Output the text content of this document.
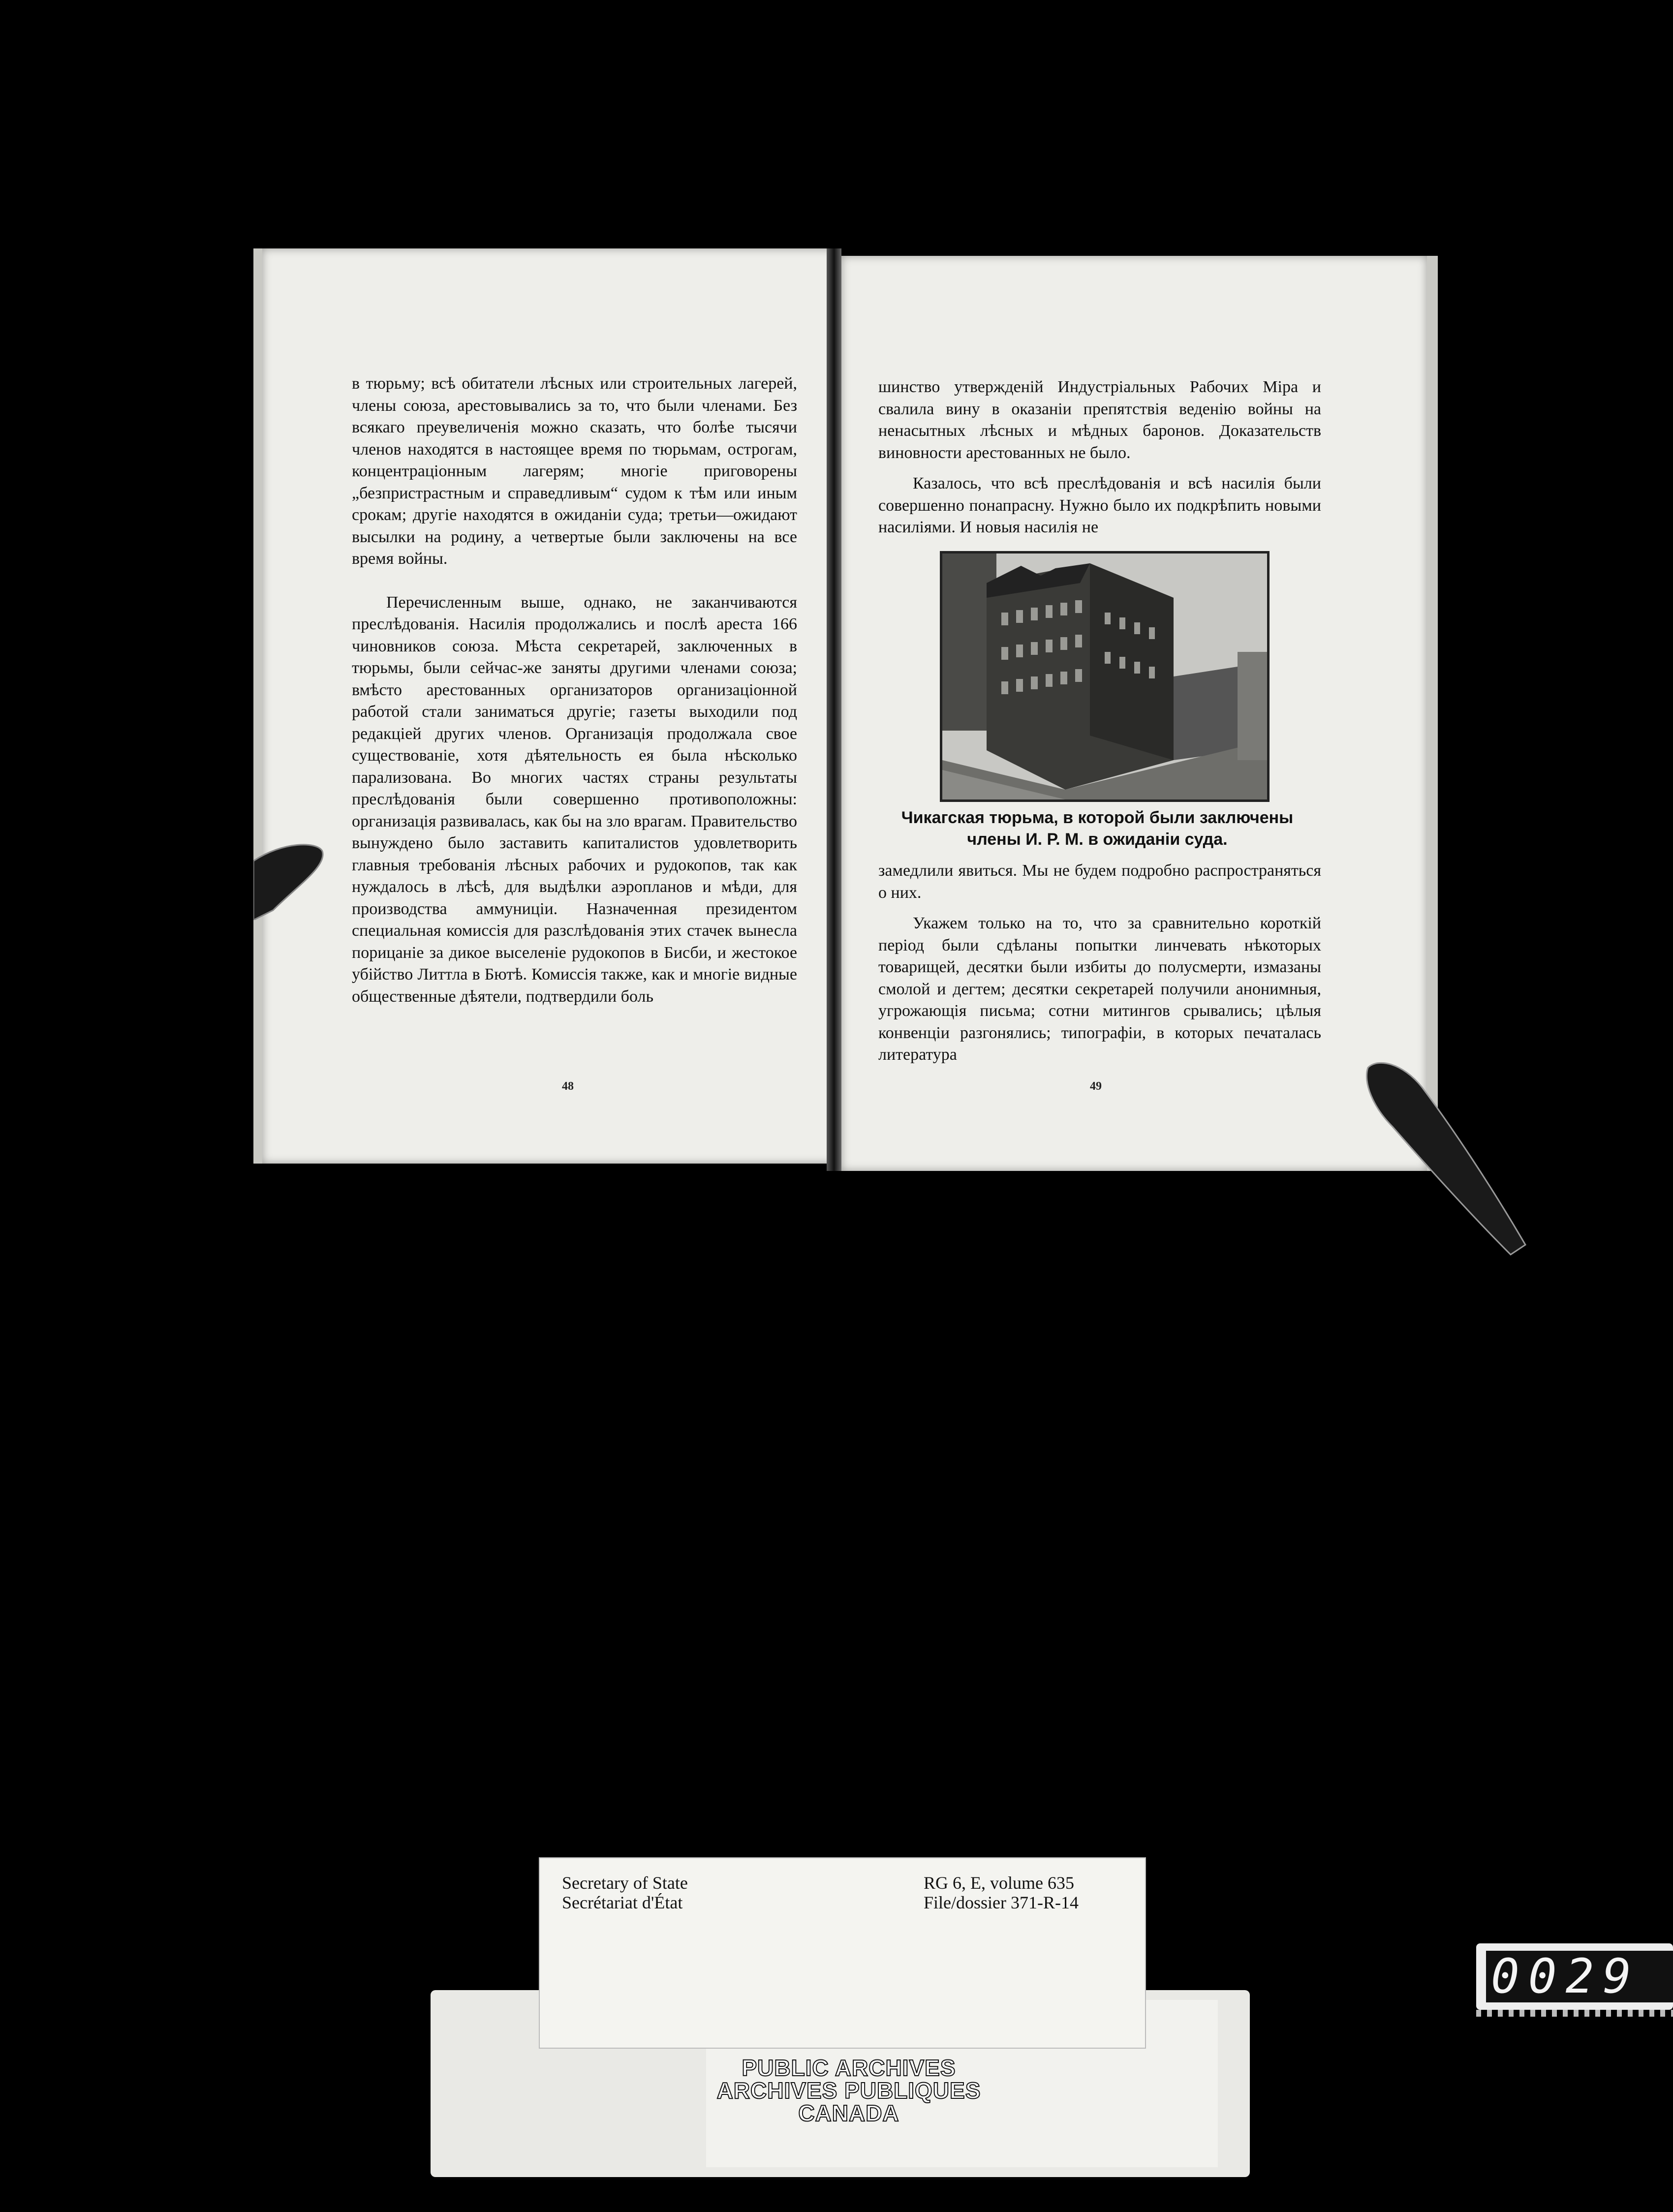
в тюрьму; всѣ обитатели лѣсных или строительных лагерей, члены союза, арестовывались за то, что были членами. Без всякаго преувеличенія можно сказать, что болѣе тысячи членов находятся в настоящее время по тюрьмам, острогам, концентраціонным лагерям; многіе приговорены „безпристрастным и справедливым“ судом к тѣм или иным срокам; другіе находятся в ожиданіи суда; третьи—ожидают высылки на родину, а четвертые были заключены на все время войны.

Перечисленным выше, однако, не заканчиваются преслѣдованія. Насилія продолжались и послѣ ареста 166 чиновников союза. Мѣста секретарей, заключенных в тюрьмы, были сейчас-же заняты другими членами союза; вмѣсто арестованных организаторов организаціонной работой стали заниматься другіе; газеты выходили под редакціей других членов. Организація продолжала свое существованіе, хотя дѣятельность ея была нѣсколько парализована. Во многих частях страны результаты преслѣдованія были совершенно противоположны: организація развивалась, как бы на зло врагам. Правительство вынуждено было заставить капиталистов удовлетворить главныя требованія лѣсных рабочих и рудокопов, так как нуждалось в лѣсѣ, для выдѣлки аэропланов и мѣди, для производства аммуниціи. Назначенная президентом специальная комиссія для разслѣдованія этих стачек вынесла порицаніе за дикое выселеніе рудокопов в Бисби, и жестокое убійство Литтла в Бютѣ. Комиссія также, как и многіе видные общественные дѣятели, подтвердили боль

48

шинство утвержденій Индустріальных Рабочих Міра и свалила вину в оказаніи препятствія веденію войны на ненасытных лѣсных и мѣдных баронов. Доказательств виновности арестованных не было.

Казалось, что всѣ преслѣдованія и всѣ насилія были совершенно понапрасну. Нужно было их подкрѣпить новыми насиліями. И новыя насилія не

Чикагская тюрьма, в которой были заключены
члены И. Р. М. в ожиданіи суда.

замедлили явиться. Мы не будем подробно распространяться о них.

Укажем только на то, что за сравнительно короткій період были сдѣланы попытки линчевать нѣкоторых товарищей, десятки были избиты до полусмерти, измазаны смолой и дегтем; десятки секретарей получили анонимныя, угрожающія письма; сотни митингов срывались; цѣлыя конвенціи разгонялись; типографіи, в которых печаталась литература

49
Secretary of State
Secrétariat d'État
RG 6, E, volume 635
File/dossier 371-R-14
PUBLIC ARCHIVES
ARCHIVES PUBLIQUES
CANADA
0029
